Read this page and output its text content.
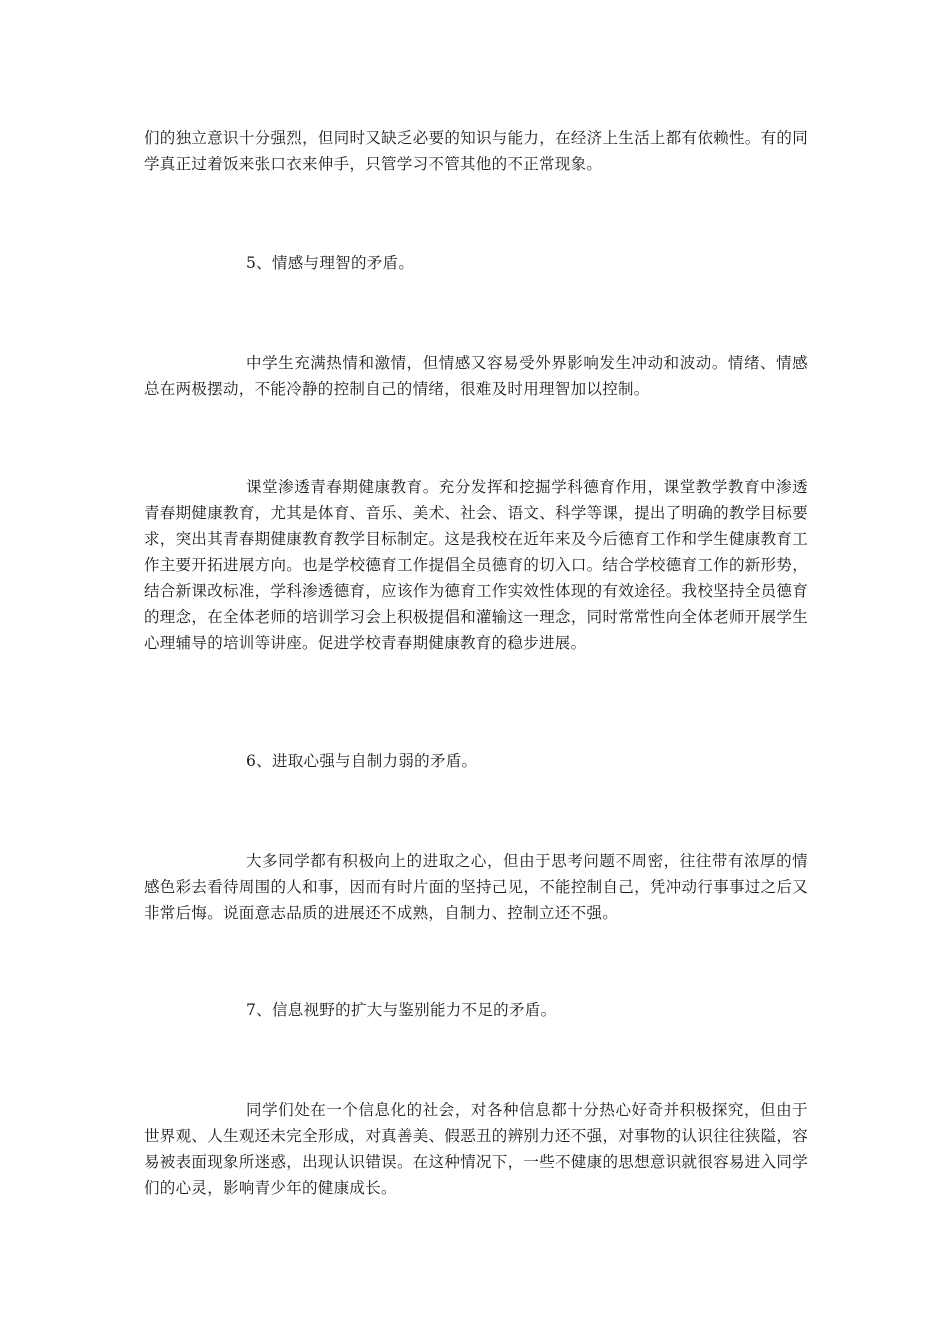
们的独立意识十分强烈，但同时又缺乏必要的知识与能力，在经济上生活上都有依赖性。有的同学真正过着饭来张口衣来伸手，只管学习不管其他的不正常现象。

5、情感与理智的矛盾。

中学生充满热情和激情，但情感又容易受外界影响发生冲动和波动。情绪、情感总在两极摆动，不能冷静的控制自己的情绪，很难及时用理智加以控制。

课堂渗透青春期健康教育。充分发挥和挖掘学科德育作用，课堂教学教育中渗透青春期健康教育，尤其是体育、音乐、美术、社会、语文、科学等课，提出了明确的教学目标要求，突出其青春期健康教育教学目标制定。这是我校在近年来及今后德育工作和学生健康教育工作主要开拓进展方向。也是学校德育工作提倡全员德育的切入口。结合学校德育工作的新形势，结合新课改标准，学科渗透德育，应该作为德育工作实效性体现的有效途径。我校坚持全员德育的理念，在全体老师的培训学习会上积极提倡和灌输这一理念，同时常常性向全体老师开展学生心理辅导的培训等讲座。促进学校青春期健康教育的稳步进展。

6、进取心强与自制力弱的矛盾。

大多同学都有积极向上的进取之心，但由于思考问题不周密，往往带有浓厚的情感色彩去看待周围的人和事，因而有时片面的坚持己见，不能控制自己，凭冲动行事事过之后又非常后悔。说面意志品质的进展还不成熟，自制力、控制立还不强。

7、信息视野的扩大与鉴别能力不足的矛盾。

同学们处在一个信息化的社会，对各种信息都十分热心好奇并积极探究，但由于世界观、人生观还未完全形成，对真善美、假恶丑的辨别力还不强，对事物的认识往往狭隘，容易被表面现象所迷惑，出现认识错误。在这种情况下，一些不健康的思想意识就很容易进入同学们的心灵，影响青少年的健康成长。
